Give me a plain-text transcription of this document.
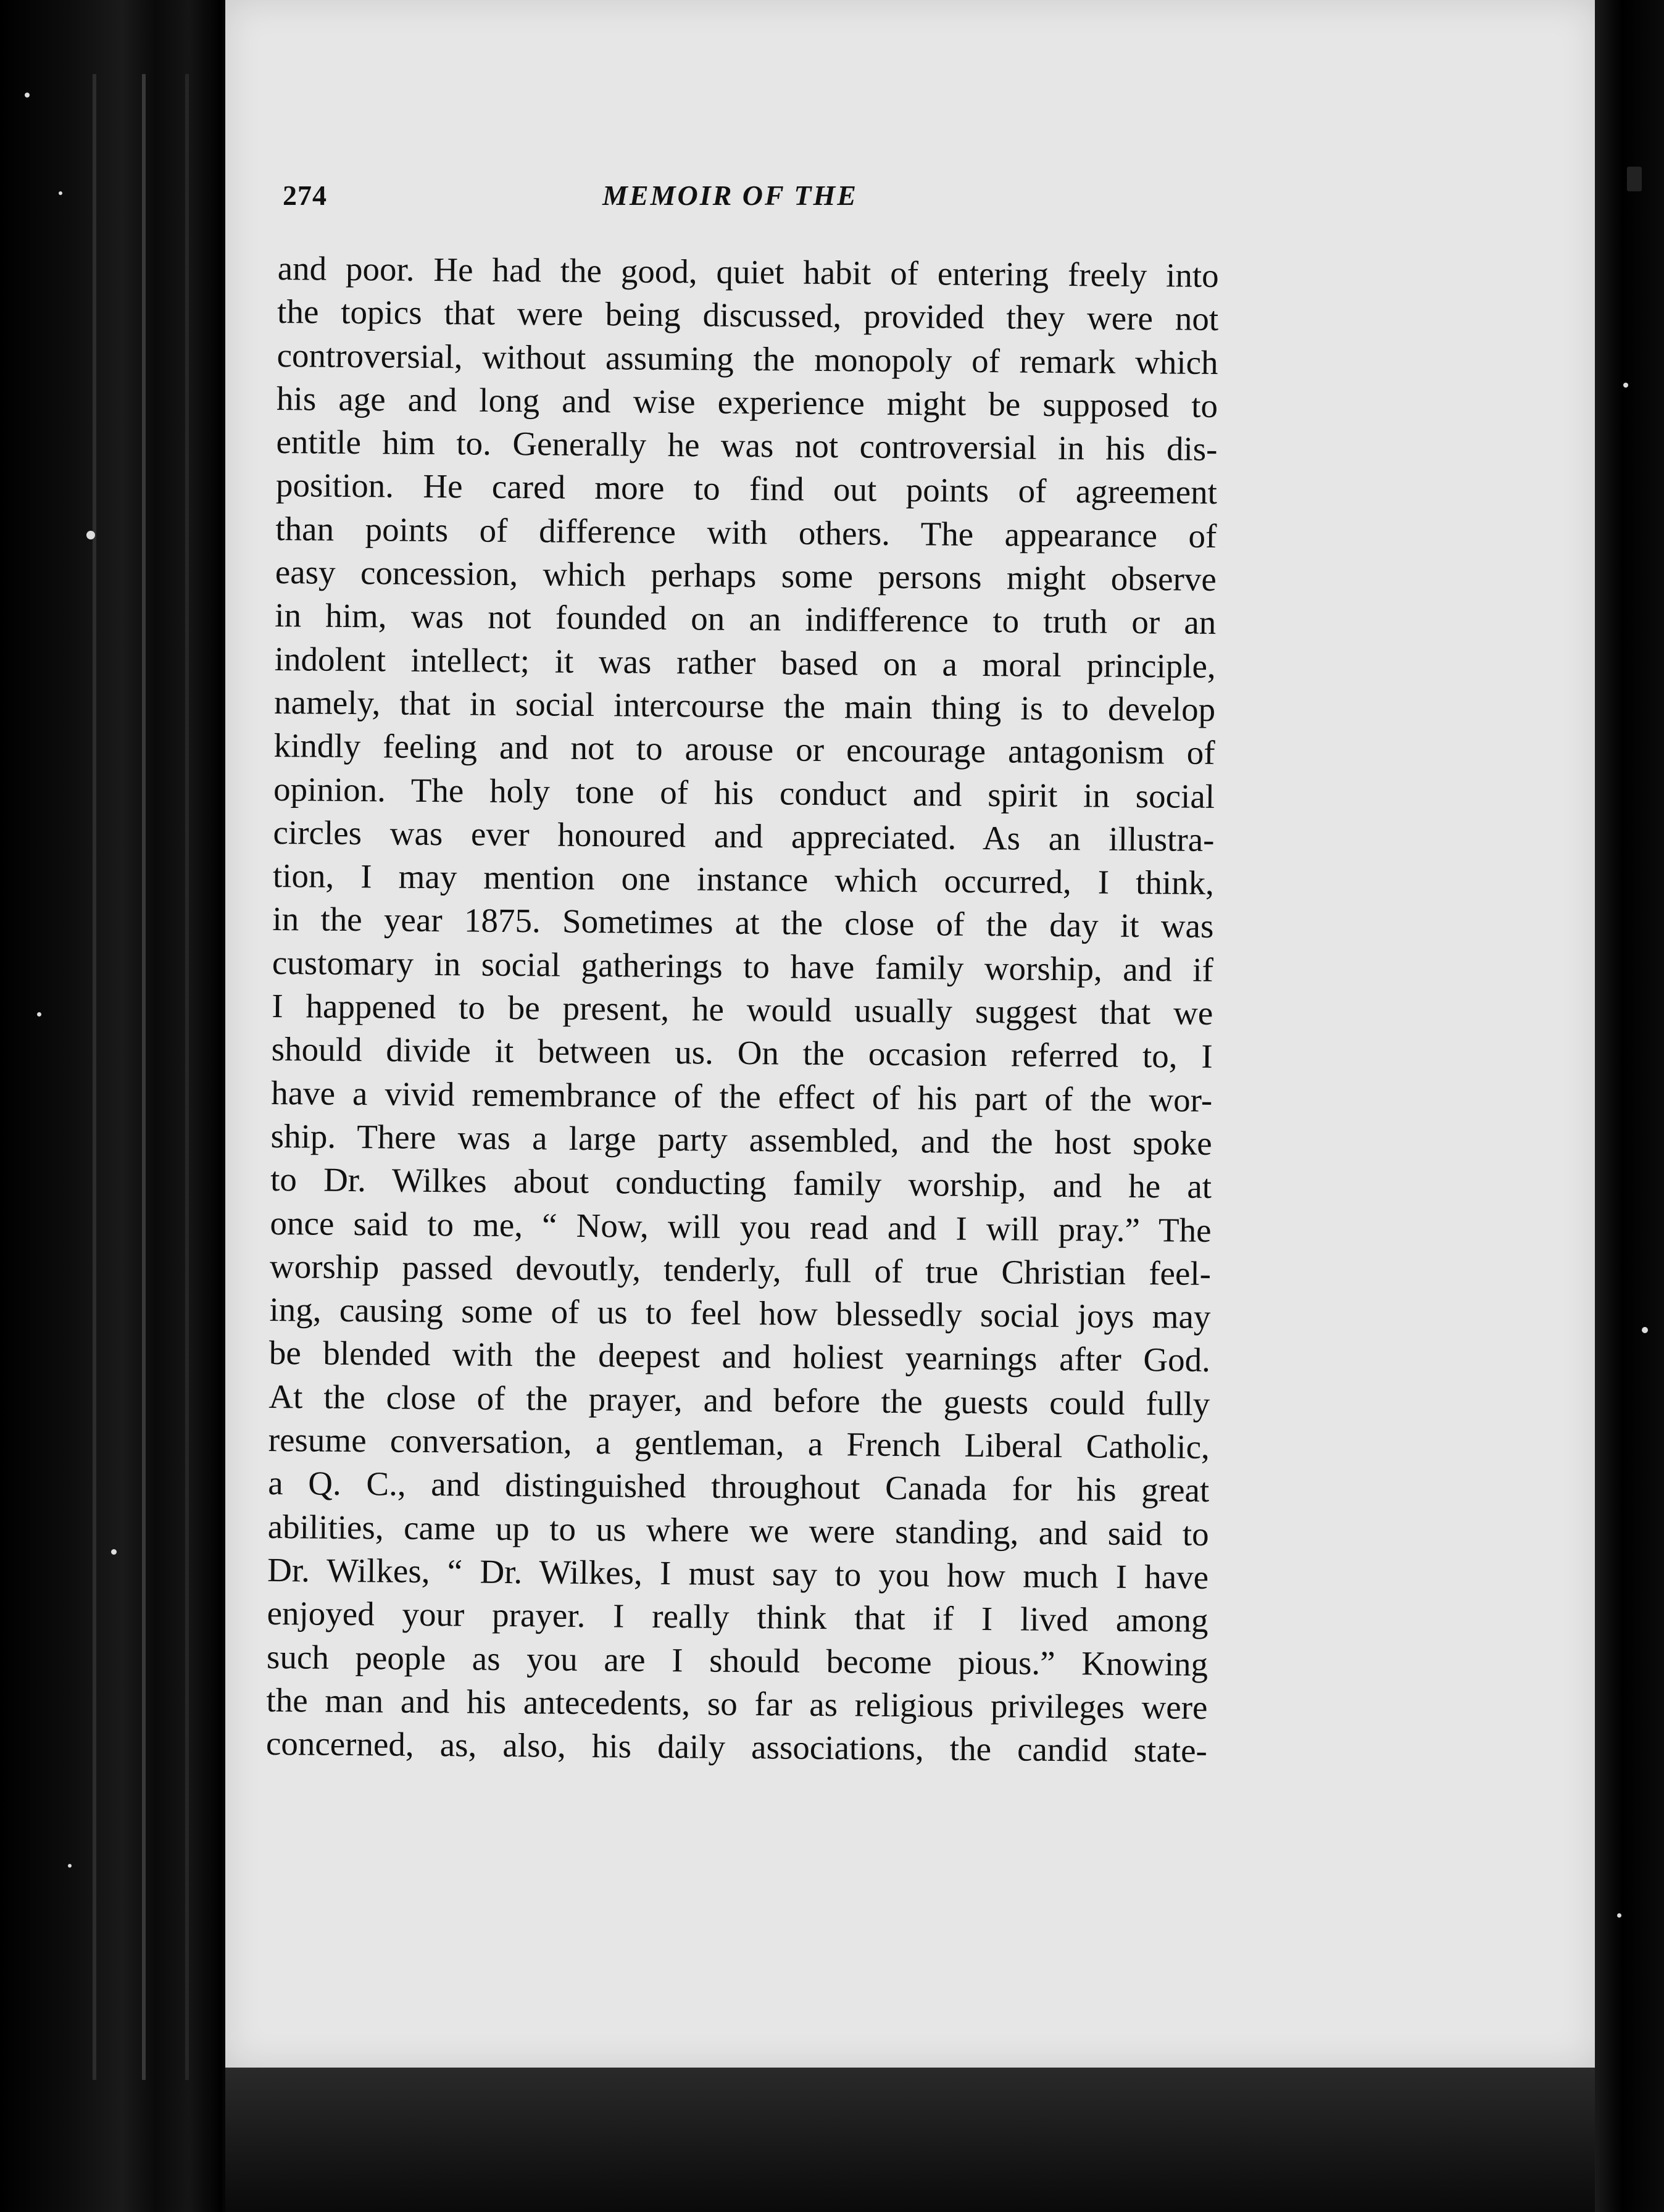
274	MEMOIR OF THE
and poor. He had the good, quiet habit of entering freely into
the topics that were being discussed, provided they were not
controversial, without assuming the monopoly of remark which
his age and long and wise experience might be supposed to
entitle him to. Generally he was not controversial in his dis-
position. He cared more to find out points of agreement
than points of difference with others. The appearance of
easy concession, which perhaps some persons might observe
in him, was not founded on an indifference to truth or an
indolent intellect; it was rather based on a moral principle,
namely, that in social intercourse the main thing is to develop
kindly feeling and not to arouse or encourage antagonism of
opinion. The holy tone of his conduct and spirit in social
circles was ever honoured and appreciated. As an illustra-
tion, I may mention one instance which occurred, I think,
in the year 1875. Sometimes at the close of the day it was
customary in social gatherings to have family worship, and if
I happened to be present, he would usually suggest that we
should divide it between us. On the occasion referred to, I
have a vivid remembrance of the effect of his part of the wor-
ship. There was a large party assembled, and the host spoke
to Dr. Wilkes about conducting family worship, and he at
once said to me, “ Now, will you read and I will pray.” The
worship passed devoutly, tenderly, full of true Christian feel-
ing, causing some of us to feel how blessedly social joys may
be blended with the deepest and holiest yearnings after God.
At the close of the prayer, and before the guests could fully
resume conversation, a gentleman, a French Liberal Catholic,
a Q. C., and distinguished throughout Canada for his great
abilities, came up to us where we were standing, and said to
Dr. Wilkes, “ Dr. Wilkes, I must say to you how much I have
enjoyed your prayer. I really think that if I lived among
such people as you are I should become pious.” Knowing
the man and his antecedents, so far as religious privileges were
concerned, as, also, his daily associations, the candid state-
